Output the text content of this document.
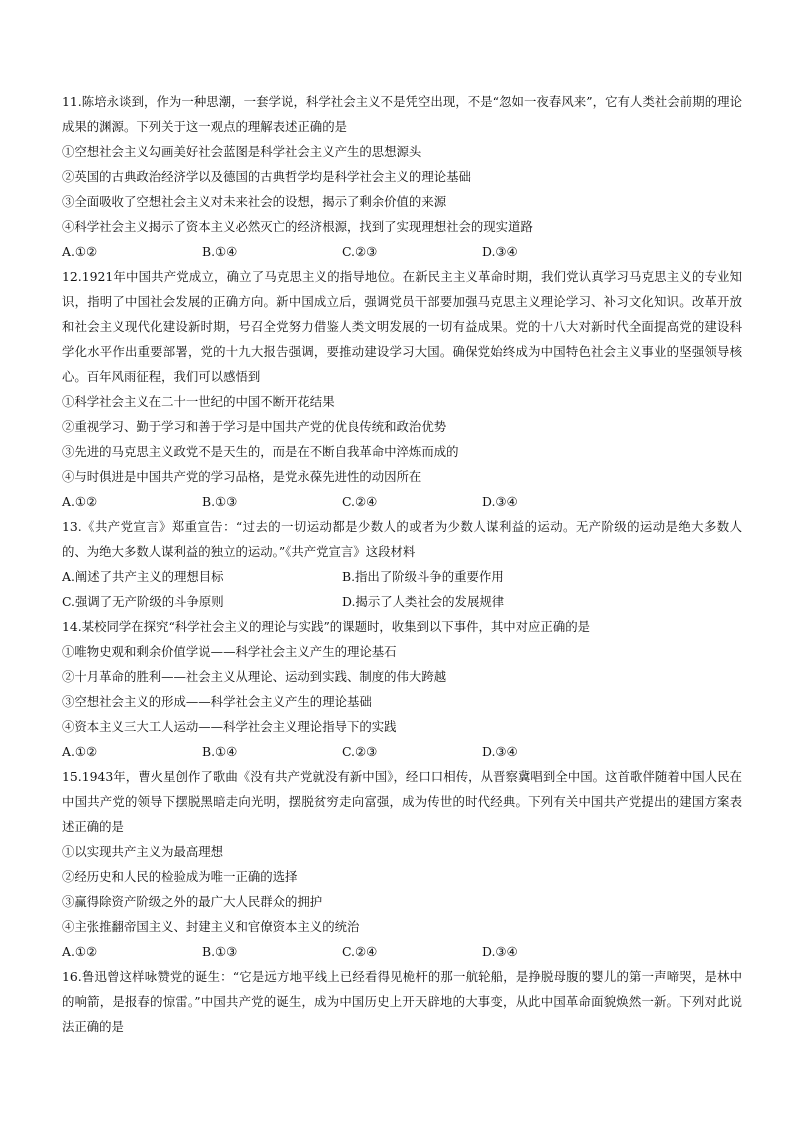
11.陈培永谈到，作为一种思潮，一套学说，科学社会主义不是凭空出现，不是“忽如一夜春风来”，它有人类社会前期的理论成果的渊源。下列关于这一观点的理解表述正确的是
①空想社会主义勾画美好社会蓝图是科学社会主义产生的思想源头
②英国的古典政治经济学以及德国的古典哲学均是科学社会主义的理论基础
③全面吸收了空想社会主义对未来社会的设想，揭示了剩余价值的来源
④科学社会主义揭示了资本主义必然灭亡的经济根源，找到了实现理想社会的现实道路
A.①②	B.①④	C.②③	D.③④
12.1921年中国共产党成立，确立了马克思主义的指导地位。在新民主主义革命时期，我们党认真学习马克思主义的专业知识，指明了中国社会发展的正确方向。新中国成立后，强调党员干部要加强马克思主义理论学习、补习文化知识。改革开放和社会主义现代化建设新时期，号召全党努力借鉴人类文明发展的一切有益成果。党的十八大对新时代全面提高党的建设科学化水平作出重要部署，党的十九大报告强调，要推动建设学习大国。确保党始终成为中国特色社会主义事业的坚强领导核心。百年风雨征程，我们可以感悟到
①科学社会主义在二十一世纪的中国不断开花结果
②重视学习、勤于学习和善于学习是中国共产党的优良传统和政治优势
③先进的马克思主义政党不是天生的，而是在不断自我革命中淬炼而成的
④与时俱进是中国共产党的学习品格，是党永葆先进性的动因所在
A.①②	B.①③	C.②④	D.③④
13.《共产党宣言》郑重宣告：“过去的一切运动都是少数人的或者为少数人谋利益的运动。无产阶级的运动是绝大多数人的、为绝大多数人谋利益的独立的运动。”《共产党宣言》这段材料
A.阐述了共产主义的理想目标	B.指出了阶级斗争的重要作用
C.强调了无产阶级的斗争原则	D.揭示了人类社会的发展规律
14.某校同学在探究“科学社会主义的理论与实践”的课题时，收集到以下事件，其中对应正确的是
①唯物史观和剩余价值学说——科学社会主义产生的理论基石
②十月革命的胜利——社会主义从理论、运动到实践、制度的伟大跨越
③空想社会主义的形成——科学社会主义产生的理论基础
④资本主义三大工人运动——科学社会主义理论指导下的实践
A.①②	B.①④	C.②③	D.③④
15.1943年，曹火星创作了歌曲《没有共产党就没有新中国》，经口口相传，从晋察冀唱到全中国。这首歌伴随着中国人民在中国共产党的领导下摆脱黑暗走向光明，摆脱贫穷走向富强，成为传世的时代经典。下列有关中国共产党提出的建国方案表述正确的是
①以实现共产主义为最高理想
②经历史和人民的检验成为唯一正确的选择
③赢得除资产阶级之外的最广大人民群众的拥护
④主张推翻帝国主义、封建主义和官僚资本主义的统治
A.①②	B.①③	C.②④	D.③④
16.鲁迅曾这样咏赞党的诞生：“它是远方地平线上已经看得见桅杆的那一航轮船，是挣脱母腹的婴儿的第一声啼哭，是林中的响箭，是报春的惊雷。”中国共产党的诞生，成为中国历史上开天辟地的大事变，从此中国革命面貌焕然一新。下列对此说法正确的是
